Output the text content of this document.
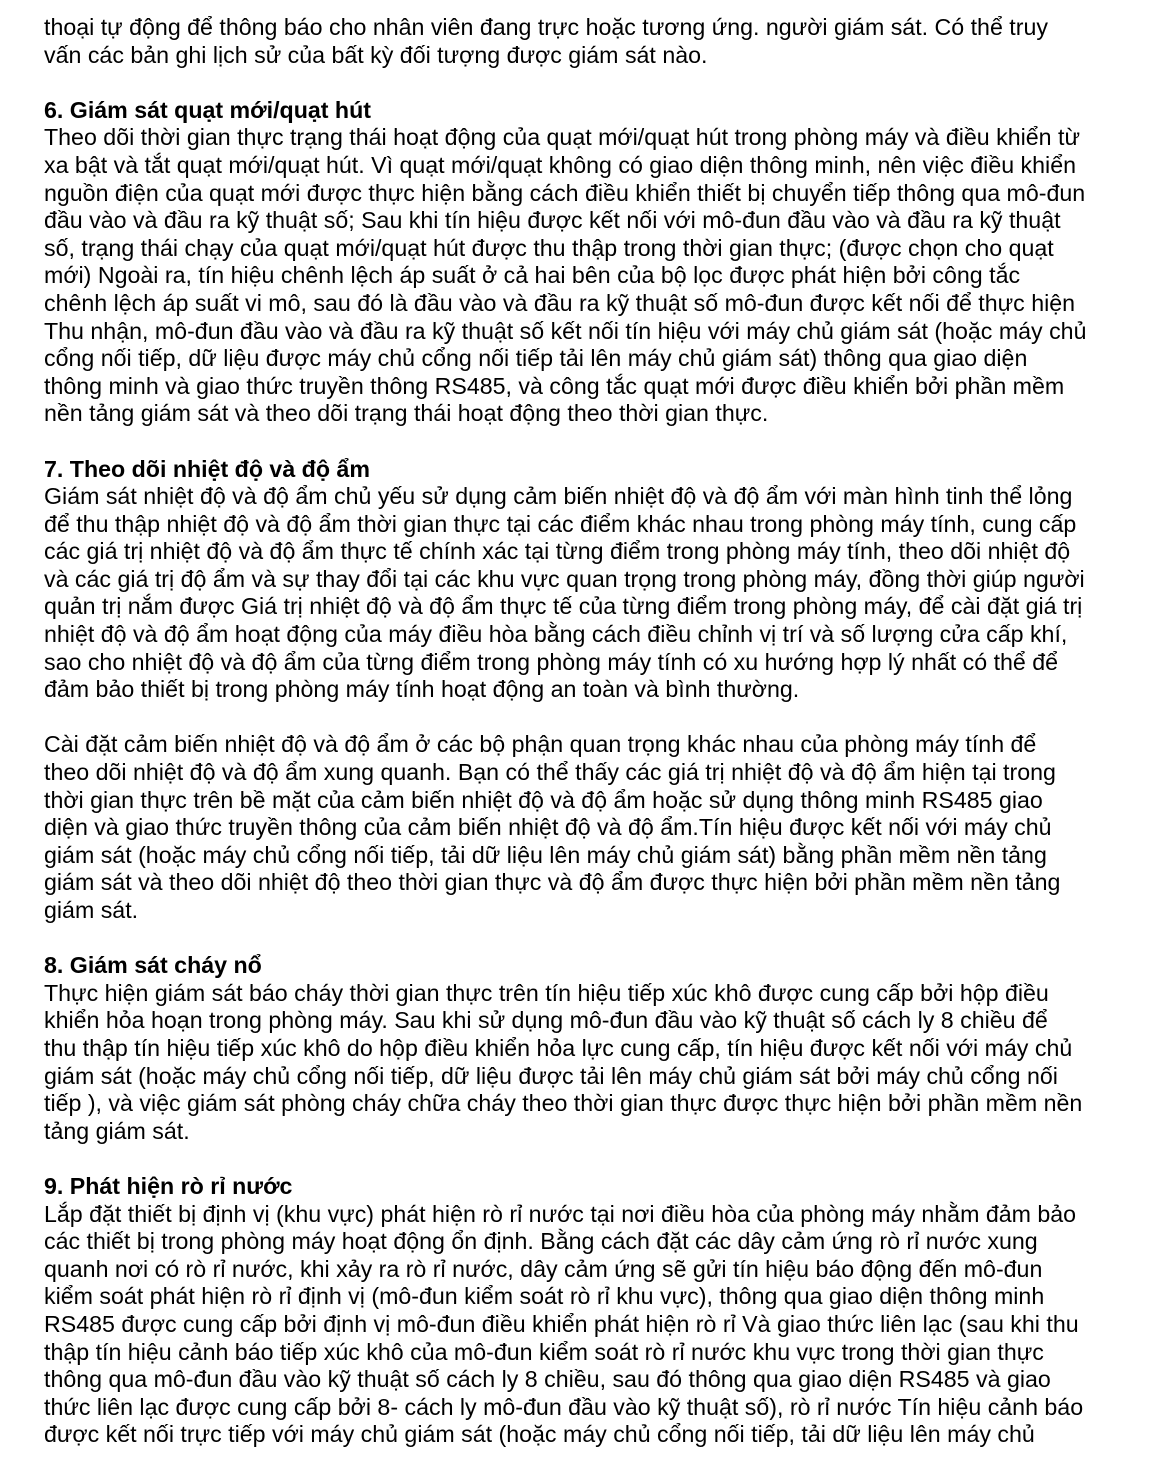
thoại tự động để thông báo cho nhân viên đang trực hoặc tương ứng. người giám sát. Có thể truy

vấn các bản ghi lịch sử của bất kỳ đối tượng được giám sát nào.

6. Giám sát quạt mới/quạt hút

Theo dõi thời gian thực trạng thái hoạt động của quạt mới/quạt hút trong phòng máy và điều khiển từ

xa bật và tắt quạt mới/quạt hút. Vì quạt mới/quạt không có giao diện thông minh, nên việc điều khiển

nguồn điện của quạt mới được thực hiện bằng cách điều khiển thiết bị chuyển tiếp thông qua mô-đun

đầu vào và đầu ra kỹ thuật số; Sau khi tín hiệu được kết nối với mô-đun đầu vào và đầu ra kỹ thuật

số, trạng thái chạy của quạt mới/quạt hút được thu thập trong thời gian thực; (được chọn cho quạt

mới) Ngoài ra, tín hiệu chênh lệch áp suất ở cả hai bên của bộ lọc được phát hiện bởi công tắc

chênh lệch áp suất vi mô, sau đó là đầu vào và đầu ra kỹ thuật số mô-đun được kết nối để thực hiện

Thu nhận, mô-đun đầu vào và đầu ra kỹ thuật số kết nối tín hiệu với máy chủ giám sát (hoặc máy chủ

cổng nối tiếp, dữ liệu được máy chủ cổng nối tiếp tải lên máy chủ giám sát) thông qua giao diện

thông minh và giao thức truyền thông RS485, và công tắc quạt mới được điều khiển bởi phần mềm

nền tảng giám sát và theo dõi trạng thái hoạt động theo thời gian thực.

7. Theo dõi nhiệt độ và độ ẩm

Giám sát nhiệt độ và độ ẩm chủ yếu sử dụng cảm biến nhiệt độ và độ ẩm với màn hình tinh thể lỏng

để thu thập nhiệt độ và độ ẩm thời gian thực tại các điểm khác nhau trong phòng máy tính, cung cấp

các giá trị nhiệt độ và độ ẩm thực tế chính xác tại từng điểm trong phòng máy tính, theo dõi nhiệt độ

và các giá trị độ ẩm và sự thay đổi tại các khu vực quan trọng trong phòng máy, đồng thời giúp người

quản trị nắm được Giá trị nhiệt độ và độ ẩm thực tế của từng điểm trong phòng máy, để cài đặt giá trị

nhiệt độ và độ ẩm hoạt động của máy điều hòa bằng cách điều chỉnh vị trí và số lượng cửa cấp khí,

sao cho nhiệt độ và độ ẩm của từng điểm trong phòng máy tính có xu hướng hợp lý nhất có thể để

đảm bảo thiết bị trong phòng máy tính hoạt động an toàn và bình thường.

Cài đặt cảm biến nhiệt độ và độ ẩm ở các bộ phận quan trọng khác nhau của phòng máy tính để

theo dõi nhiệt độ và độ ẩm xung quanh. Bạn có thể thấy các giá trị nhiệt độ và độ ẩm hiện tại trong

thời gian thực trên bề mặt của cảm biến nhiệt độ và độ ẩm hoặc sử dụng thông minh RS485 giao

diện và giao thức truyền thông của cảm biến nhiệt độ và độ ẩm.Tín hiệu được kết nối với máy chủ

giám sát (hoặc máy chủ cổng nối tiếp, tải dữ liệu lên máy chủ giám sát) bằng phần mềm nền tảng

giám sát và theo dõi nhiệt độ theo thời gian thực và độ ẩm được thực hiện bởi phần mềm nền tảng

giám sát.

8. Giám sát cháy nổ

Thực hiện giám sát báo cháy thời gian thực trên tín hiệu tiếp xúc khô được cung cấp bởi hộp điều

khiển hỏa hoạn trong phòng máy. Sau khi sử dụng mô-đun đầu vào kỹ thuật số cách ly 8 chiều để

thu thập tín hiệu tiếp xúc khô do hộp điều khiển hỏa lực cung cấp, tín hiệu được kết nối với máy chủ

giám sát (hoặc máy chủ cổng nối tiếp, dữ liệu được tải lên máy chủ giám sát bởi máy chủ cổng nối

tiếp ), và việc giám sát phòng cháy chữa cháy theo thời gian thực được thực hiện bởi phần mềm nền

tảng giám sát.

9. Phát hiện rò rỉ nước

Lắp đặt thiết bị định vị (khu vực) phát hiện rò rỉ nước tại nơi điều hòa của phòng máy nhằm đảm bảo

các thiết bị trong phòng máy hoạt động ổn định. Bằng cách đặt các dây cảm ứng rò rỉ nước xung

quanh nơi có rò rỉ nước, khi xảy ra rò rỉ nước, dây cảm ứng sẽ gửi tín hiệu báo động đến mô-đun

kiểm soát phát hiện rò rỉ định vị (mô-đun kiểm soát rò rỉ khu vực), thông qua giao diện thông minh

RS485 được cung cấp bởi định vị mô-đun điều khiển phát hiện rò rỉ Và giao thức liên lạc (sau khi thu

thập tín hiệu cảnh báo tiếp xúc khô của mô-đun kiểm soát rò rỉ nước khu vực trong thời gian thực

thông qua mô-đun đầu vào kỹ thuật số cách ly 8 chiều, sau đó thông qua giao diện RS485 và giao

thức liên lạc được cung cấp bởi 8- cách ly mô-đun đầu vào kỹ thuật số), rò rỉ nước Tín hiệu cảnh báo

được kết nối trực tiếp với máy chủ giám sát (hoặc máy chủ cổng nối tiếp, tải dữ liệu lên máy chủ
